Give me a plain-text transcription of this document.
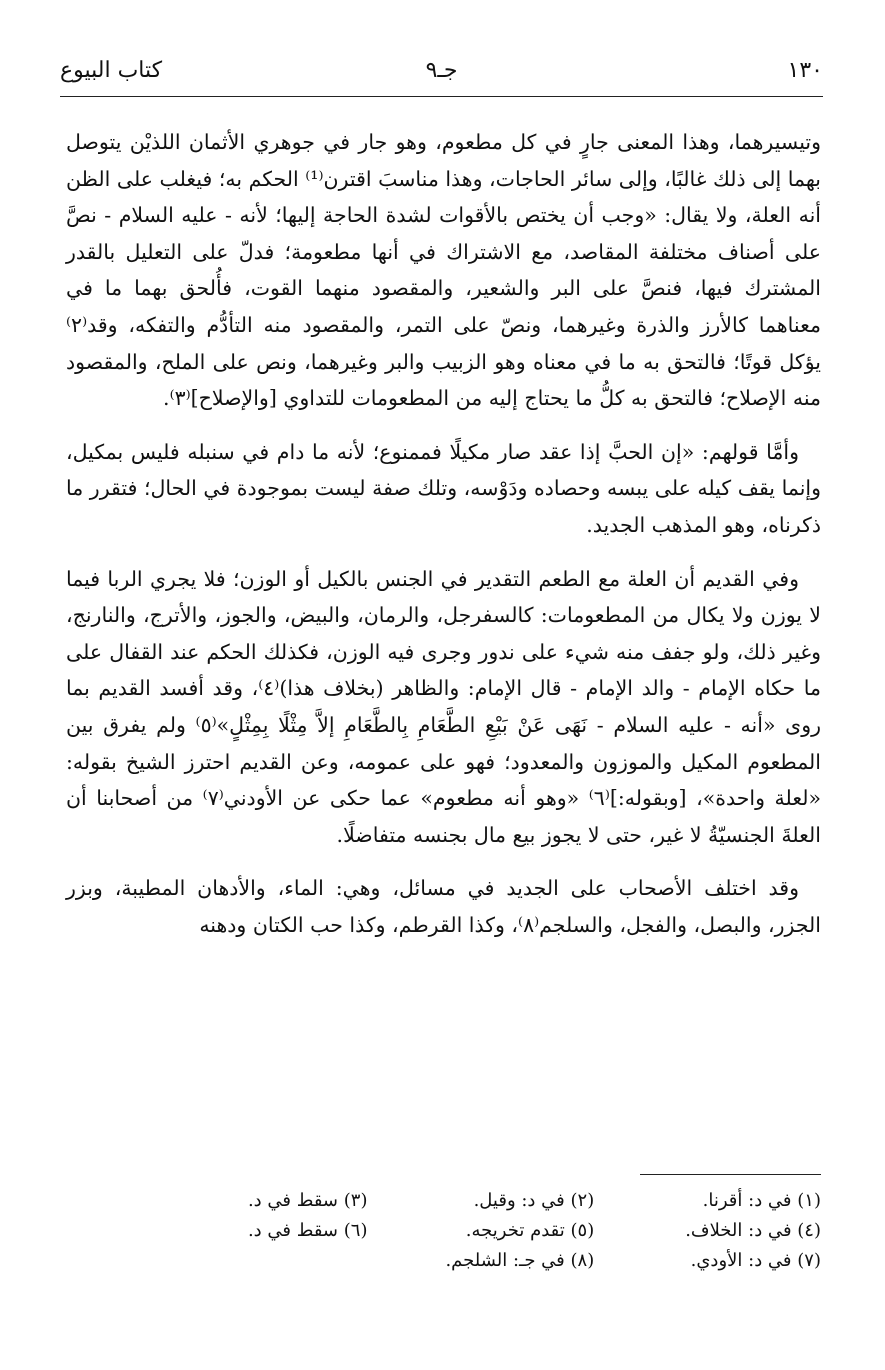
١٣٠
جـ٩
كتاب البيوع

وتيسيرهما، وهذا المعنى جارٍ في كل مطعوم، وهو جار في جوهري الأثمان اللذيْن يتوصل بهما إلى ذلك غالبًا، وإلى سائر الحاجات، وهذا مناسبَ اقترن⁽¹⁾ الحكم به؛ فيغلب على الظن أنه العلة، ولا يقال: «وجب أن يختص بالأقوات لشدة الحاجة إليها؛ لأنه - عليه السلام - نصَّ على أصناف مختلفة المقاصد، مع الاشتراك في أنها مطعومة؛ فدلّ على التعليل بالقدر المشترك فيها، فنصَّ على البر والشعير، والمقصود منهما القوت، فأُلحق بهما ما في معناهما كالأرز والذرة وغيرهما، ونصّ على التمر، والمقصود منه التأدُّم والتفكه، وقد⁽٢⁾ يؤكل قوتًا؛ فالتحق به ما في معناه وهو الزبيب والبر وغيرهما، ونص على الملح، والمقصود منه الإصلاح؛ فالتحق به كلُّ ما يحتاج إليه من المطعومات للتداوي [والإصلاح]⁽٣⁾.

وأمَّا قولهم: «إن الحبَّ إذا عقد صار مكيلًا فممنوع؛ لأنه ما دام في سنبله فليس بمكيل، وإنما يقف كيله على يبسه وحصاده ودَوْسه، وتلك صفة ليست بموجودة في الحال؛ فتقرر ما ذكرناه، وهو المذهب الجديد.

وفي القديم أن العلة مع الطعم التقدير في الجنس بالكيل أو الوزن؛ فلا يجري الربا فيما لا يوزن ولا يكال من المطعومات: كالسفرجل، والرمان، والبيض، والجوز، والأترج، والنارنج، وغير ذلك، ولو جفف منه شيء على ندور وجرى فيه الوزن، فكذلك الحكم عند القفال على ما حكاه الإمام - والد الإمام - قال الإمام: والظاهر (بخلاف هذا)⁽٤⁾، وقد أفسد القديم بما روى «أنه - عليه السلام - نَهَى عَنْ بَيْعِ الطَّعَامِ بِالطَّعَامِ إلاَّ مِثْلًا بِمِثْلٍ»⁽٥⁾ ولم يفرق بين المطعوم المكيل والموزون والمعدود؛ فهو على عمومه، وعن القديم احترز الشيخ بقوله: «لعلة واحدة»، [وبقوله:]⁽٦⁾ «وهو أنه مطعوم» عما حكى عن الأودني⁽٧⁾ من أصحابنا أن العلةَ الجنسيّةُ لا غير، حتى لا يجوز بيع مال بجنسه متفاضلًا.

وقد اختلف الأصحاب على الجديد في مسائل، وهي: الماء، والأدهان المطيبة، وبزر الجزر، والبصل، والفجل، والسلجم⁽٨⁾، وكذا القرطم، وكذا حب الكتان ودهنه

(١) في د: أقرنا.
(٢) في د: وقيل.
(٣) سقط في د.
(٤) في د: الخلاف.
(٥) تقدم تخريجه.
(٦) سقط في د.
(٧) في د: الأودي.
(٨) في جـ: الشلجم.
